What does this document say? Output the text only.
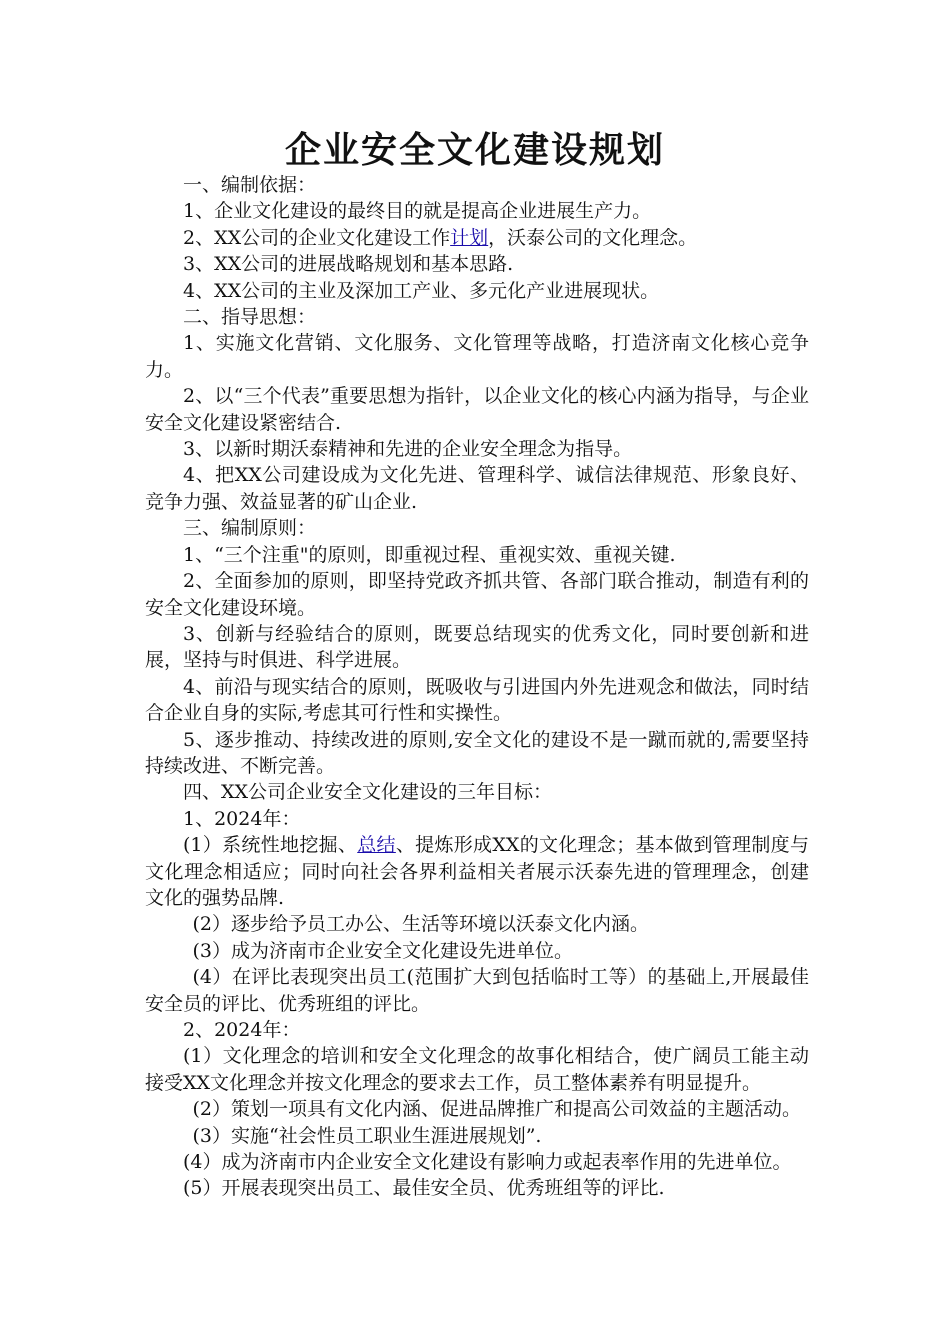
企业安全文化建设规划

一、编制依据：

1、企业文化建设的最终目的就是提高企业进展生产力。

2、XX公司的企业文化建设工作计划，沃泰公司的文化理念。

3、XX公司的进展战略规划和基本思路.

4、XX公司的主业及深加工产业、多元化产业进展现状。

二、指导思想：

1、实施文化营销、文化服务、文化管理等战略，打造济南文化核心竞争力。

2、以“三个代表”重要思想为指针，以企业文化的核心内涵为指导，与企业安全文化建设紧密结合.

3、以新时期沃泰精神和先进的企业安全理念为指导。

4、把XX公司建设成为文化先进、管理科学、诚信法律规范、形象良好、竞争力强、效益显著的矿山企业.

三、编制原则：

1、“三个注重"的原则，即重视过程、重视实效、重视关键.

2、全面参加的原则，即坚持党政齐抓共管、各部门联合推动，制造有利的安全文化建设环境。

3、创新与经验结合的原则，既要总结现实的优秀文化，同时要创新和进展，坚持与时俱进、科学进展。

4、前沿与现实结合的原则，既吸收与引进国内外先进观念和做法，同时结合企业自身的实际,考虑其可行性和实操性。

5、逐步推动、持续改进的原则,安全文化的建设不是一蹴而就的,需要坚持持续改进、不断完善。

四、XX公司企业安全文化建设的三年目标：

1、2024年：

(1）系统性地挖掘、总结、提炼形成XX的文化理念；基本做到管理制度与文化理念相适应；同时向社会各界利益相关者展示沃泰先进的管理理念，创建文化的强势品牌.

(2）逐步给予员工办公、生活等环境以沃泰文化内涵。

(3）成为济南市企业安全文化建设先进单位。

(4）在评比表现突出员工(范围扩大到包括临时工等）的基础上,开展最佳安全员的评比、优秀班组的评比。

2、2024年：

(1）文化理念的培训和安全文化理念的故事化相结合，使广阔员工能主动接受XX文化理念并按文化理念的要求去工作，员工整体素养有明显提升。

(2）策划一项具有文化内涵、促进品牌推广和提高公司效益的主题活动。

(3）实施“社会性员工职业生涯进展规划”.

(4）成为济南市内企业安全文化建设有影响力或起表率作用的先进单位。

(5）开展表现突出员工、最佳安全员、优秀班组等的评比.
